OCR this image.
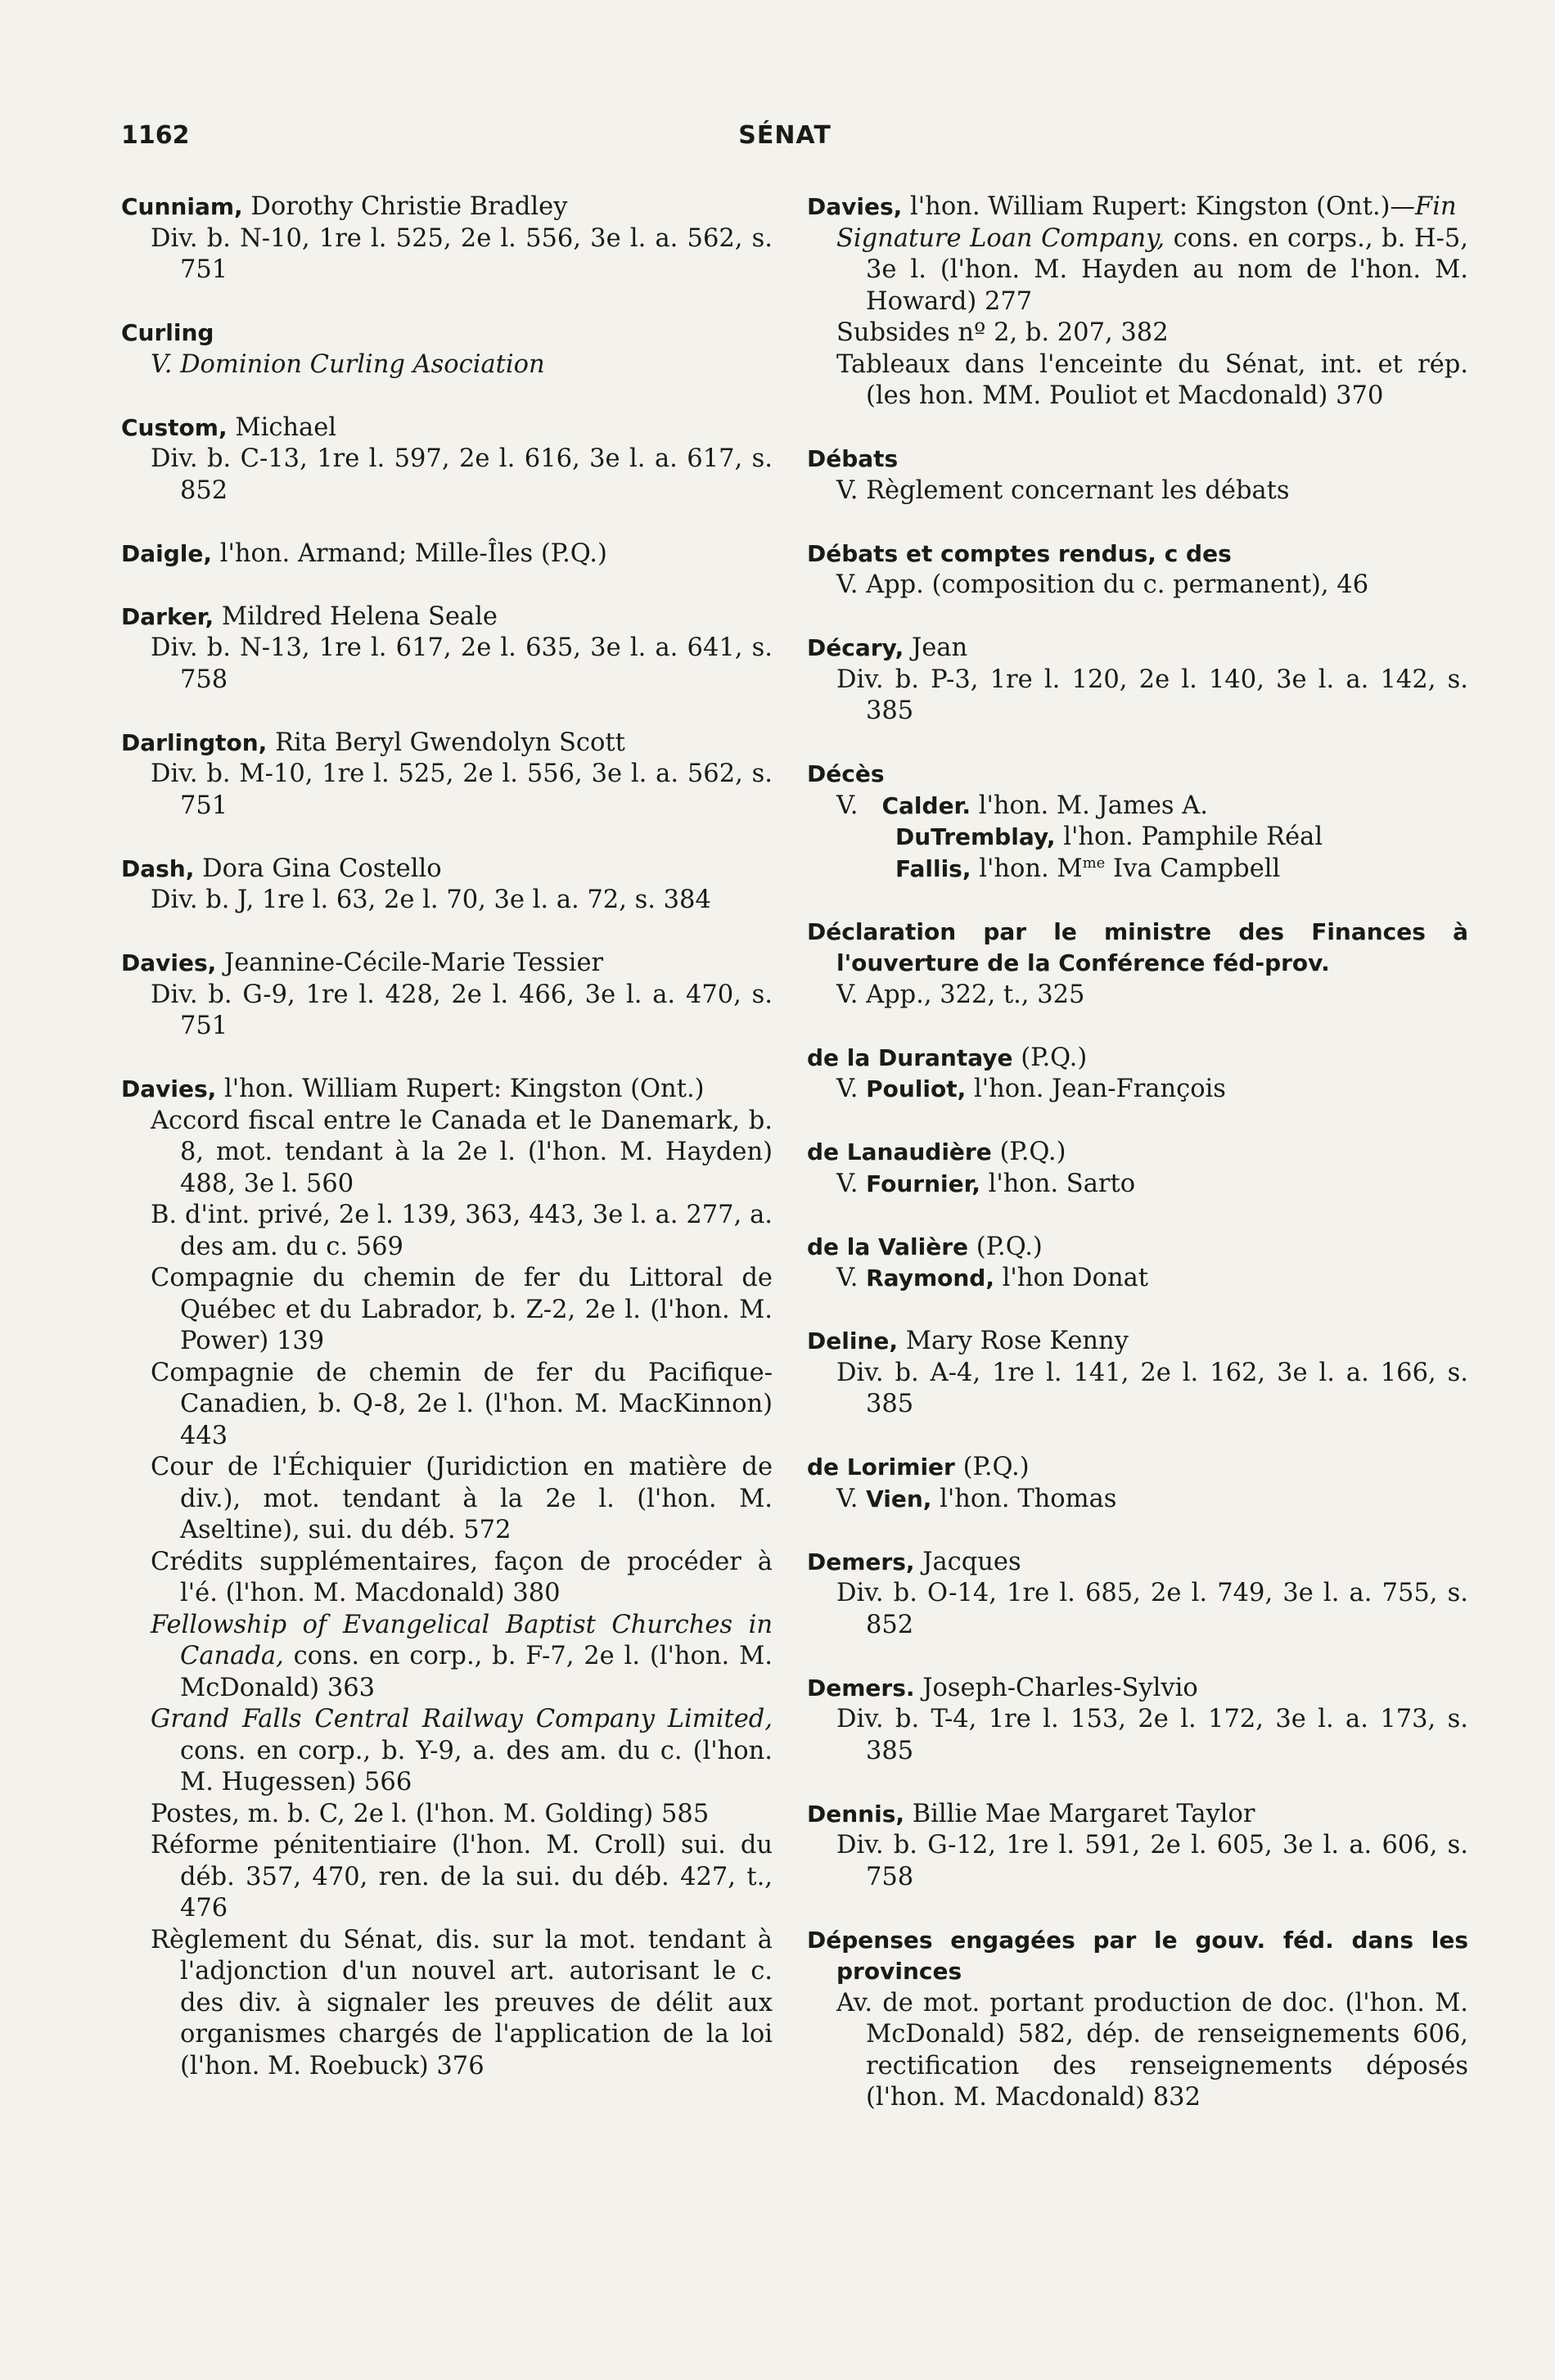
1162	SÉNAT
Cunniam, Dorothy Christie Bradley
Div. b. N-10, 1re l. 525, 2e l. 556, 3e l. a. 562, s. 751
Curling
V. Dominion Curling Asociation
Custom, Michael
Div. b. C-13, 1re l. 597, 2e l. 616, 3e l. a. 617, s. 852
Daigle, l'hon. Armand; Mille-Îles (P.Q.)
Darker, Mildred Helena Seale
Div. b. N-13, 1re l. 617, 2e l. 635, 3e l. a. 641, s. 758
Darlington, Rita Beryl Gwendolyn Scott
Div. b. M-10, 1re l. 525, 2e l. 556, 3e l. a. 562, s. 751
Dash, Dora Gina Costello
Div. b. J, 1re l. 63, 2e l. 70, 3e l. a. 72, s. 384
Davies, Jeannine-Cécile-Marie Tessier
Div. b. G-9, 1re l. 428, 2e l. 466, 3e l. a. 470, s. 751
Davies, l'hon. William Rupert: Kingston (Ont.)
Accord fiscal entre le Canada et le Danemark, b. 8, mot. tendant à la 2e l. (l'hon. M. Hayden) 488, 3e l. 560
B. d'int. privé, 2e l. 139, 363, 443, 3e l. a. 277, a. des am. du c. 569
Compagnie du chemin de fer du Littoral de Québec et du Labrador, b. Z-2, 2e l. (l'hon. M. Power) 139
Compagnie de chemin de fer du Pacifique-Canadien, b. Q-8, 2e l. (l'hon. M. MacKinnon) 443
Cour de l'Échiquier (Juridiction en matière de div.), mot. tendant à la 2e l. (l'hon. M. Aseltine), sui. du déb. 572
Crédits supplémentaires, façon de procéder à l'é. (l'hon. M. Macdonald) 380
Fellowship of Evangelical Baptist Churches in Canada, cons. en corp., b. F-7, 2e l. (l'hon. M. McDonald) 363
Grand Falls Central Railway Company Limited, cons. en corp., b. Y-9, a. des am. du c. (l'hon. M. Hugessen) 566
Postes, m. b. C, 2e l. (l'hon. M. Golding) 585
Réforme pénitentiaire (l'hon. M. Croll) sui. du déb. 357, 470, ren. de la sui. du déb. 427, t., 476
Règlement du Sénat, dis. sur la mot. tendant à l'adjonction d'un nouvel art. autorisant le c. des div. à signaler les preuves de délit aux organismes chargés de l'application de la loi (l'hon. M. Roebuck) 376
Davies, l'hon. William Rupert: Kingston (Ont.)—Fin
Signature Loan Company, cons. en corps., b. H-5, 3e l. (l'hon. M. Hayden au nom de l'hon. M. Howard) 277
Subsides nº 2, b. 207, 382
Tableaux dans l'enceinte du Sénat, int. et rép. (les hon. MM. Pouliot et Macdonald) 370
Débats
V. Règlement concernant les débats
Débats et comptes rendus, c des
V. App. (composition du c. permanent), 46
Décary, Jean
Div. b. P-3, 1re l. 120, 2e l. 140, 3e l. a. 142, s. 385
Décès
V. Calder. l'hon. M. James A.
DuTremblay, l'hon. Pamphile Réal
Fallis, l'hon. $M^{me}$ Iva Campbell
Déclaration par le ministre des Finances à l'ouverture de la Conférence féd-prov.
V. App., 322, t., 325
de la Durantaye (P.Q.)
V. Pouliot, l'hon. Jean-François
de Lanaudière (P.Q.)
V. Fournier, l'hon. Sarto
de la Valière (P.Q.)
V. Raymond, l'hon Donat
Deline, Mary Rose Kenny
Div. b. A-4, 1re l. 141, 2e l. 162, 3e l. a. 166, s. 385
de Lorimier (P.Q.)
V. Vien, l'hon. Thomas
Demers, Jacques
Div. b. O-14, 1re l. 685, 2e l. 749, 3e l. a. 755, s. 852
Demers. Joseph-Charles-Sylvio
Div. b. T-4, 1re l. 153, 2e l. 172, 3e l. a. 173, s. 385
Dennis, Billie Mae Margaret Taylor
Div. b. G-12, 1re l. 591, 2e l. 605, 3e l. a. 606, s. 758
Dépenses engagées par le gouv. féd. dans les provinces
Av. de mot. portant production de doc. (l'hon. M. McDonald) 582, dép. de renseignements 606, rectification des renseignements déposés (l'hon. M. Macdonald) 832
